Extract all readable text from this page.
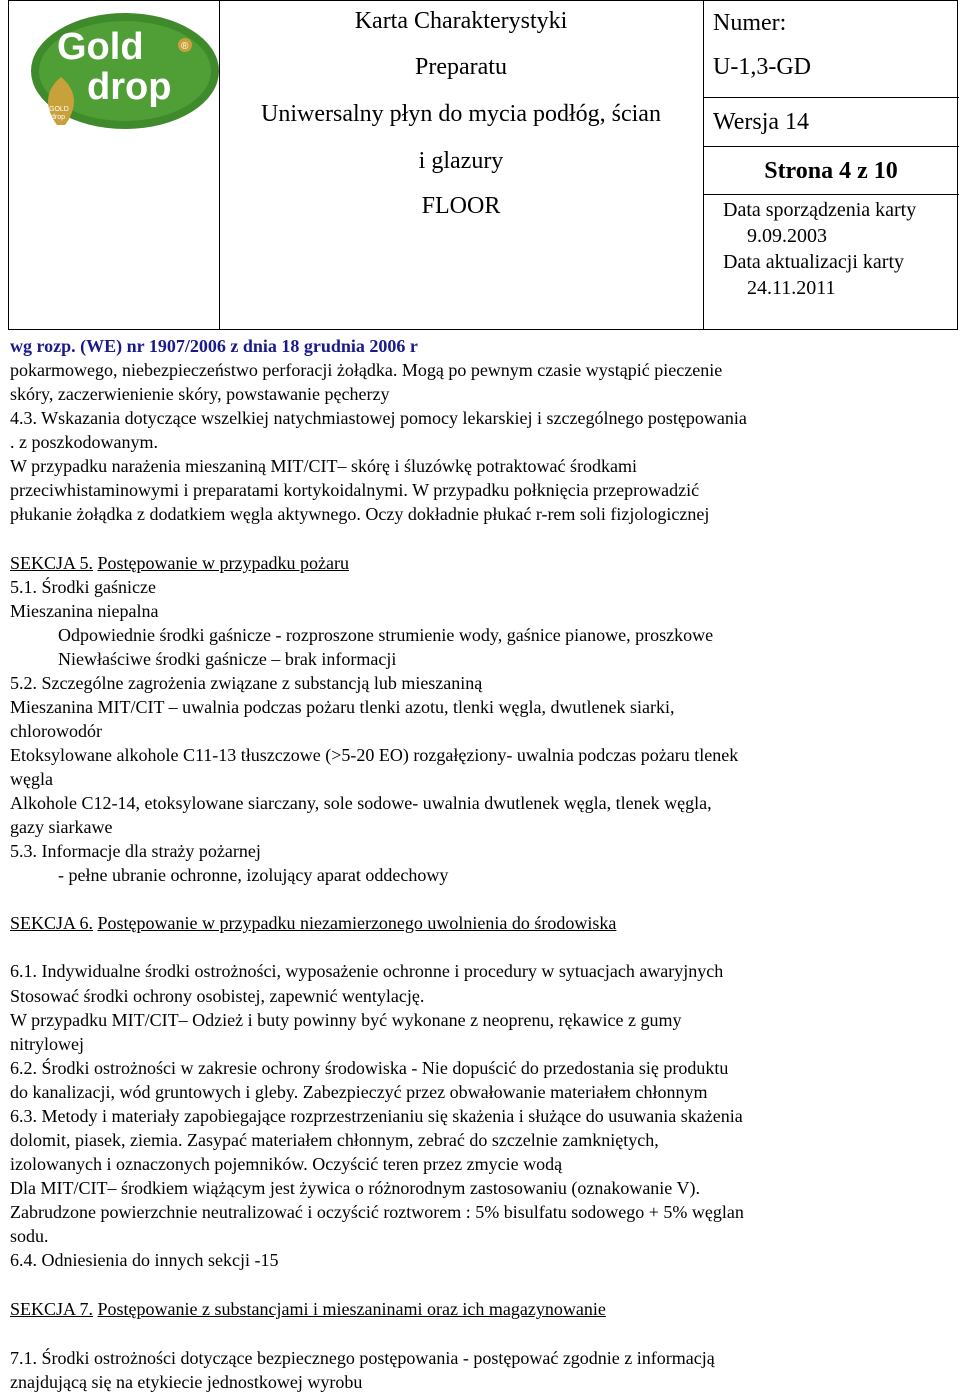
Gold
drop
®
GOLD
drop
Karta Charakterystyki
Preparatu
Uniwersalny płyn do mycia podłóg, ścian
i glazury
FLOOR
Numer:
U-1,3-GD
Wersja 14
Strona 4 z 10
Data sporządzenia karty
9.09.2003
Data aktualizacji karty
24.11.2011
wg rozp. (WE) nr 1907/2006 z dnia 18 grudnia 2006 r
pokarmowego, niebezpieczeństwo perforacji żołądka. Mogą po pewnym czasie wystąpić pieczenie
skóry, zaczerwienienie skóry, powstawanie pęcherzy
4.3. Wskazania dotyczące wszelkiej natychmiastowej pomocy lekarskiej i szczególnego postępowania
. z poszkodowanym.
W przypadku narażenia mieszaniną MIT/CIT– skórę i śluzówkę potraktować środkami
przeciwhistaminowymi i preparatami kortykoidalnymi. W przypadku połknięcia przeprowadzić
płukanie żołądka z dodatkiem węgla aktywnego. Oczy dokładnie płukać r-rem soli fizjologicznej
SEKCJA 5. Postępowanie w przypadku pożaru
5.1. Środki gaśnicze
Mieszanina niepalna
Odpowiednie środki gaśnicze - rozproszone strumienie wody, gaśnice pianowe, proszkowe
Niewłaściwe środki gaśnicze – brak informacji
5.2. Szczególne zagrożenia związane z substancją lub mieszaniną
Mieszanina MIT/CIT – uwalnia podczas pożaru tlenki azotu, tlenki węgla, dwutlenek siarki,
chlorowodór
Etoksylowane alkohole C11-13 tłuszczowe (>5-20 EO) rozgałęziony- uwalnia podczas pożaru tlenek
węgla
Alkohole C12-14, etoksylowane siarczany, sole sodowe- uwalnia dwutlenek węgla, tlenek węgla,
gazy siarkawe
5.3. Informacje dla straży pożarnej
- pełne ubranie ochronne, izolujący aparat oddechowy
SEKCJA 6. Postępowanie w przypadku niezamierzonego uwolnienia do środowiska
6.1. Indywidualne środki ostrożności, wyposażenie ochronne i procedury w sytuacjach awaryjnych
Stosować środki ochrony osobistej, zapewnić wentylację.
W przypadku MIT/CIT– Odzież i buty powinny być wykonane z neoprenu, rękawice z gumy
nitrylowej
6.2. Środki ostrożności w zakresie ochrony środowiska - Nie dopuścić do przedostania się produktu
do kanalizacji, wód gruntowych i gleby. Zabezpieczyć przez obwałowanie materiałem chłonnym
6.3. Metody i materiały zapobiegające rozprzestrzenianiu się skażenia i służące do usuwania skażenia
dolomit, piasek, ziemia. Zasypać materiałem chłonnym, zebrać do szczelnie zamkniętych,
izolowanych i oznaczonych pojemników. Oczyścić teren przez zmycie wodą
Dla MIT/CIT– środkiem wiążącym jest żywica o różnorodnym zastosowaniu (oznakowanie V).
Zabrudzone powierzchnie neutralizować i oczyścić roztworem : 5% bisulfatu sodowego + 5% węglan
sodu.
6.4. Odniesienia do innych sekcji -15
SEKCJA 7. Postępowanie z substancjami i mieszaninami oraz ich magazynowanie
7.1. Środki ostrożności dotyczące bezpiecznego postępowania - postępować zgodnie z informacją
znajdującą się na etykiecie jednostkowej wyrobu
